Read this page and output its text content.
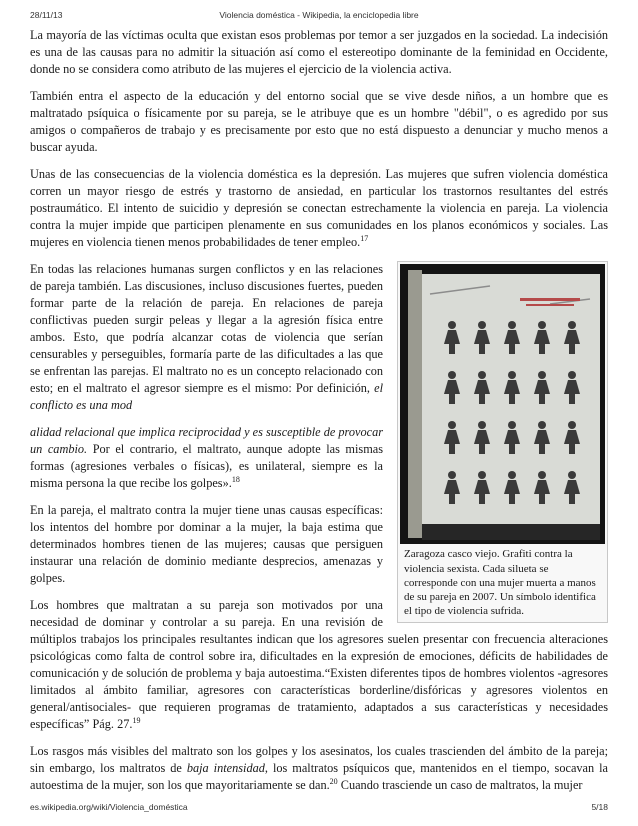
28/11/13	Violencia doméstica - Wikipedia, la enciclopedia libre

La mayoría de las víctimas oculta que existan esos problemas por temor a ser juzgados en la sociedad. La indecisión es una de las causas para no admitir la situación así como el estereotipo dominante de la feminidad en Occidente, donde no se considera como atributo de las mujeres el ejercicio de la violencia activa.

También entra el aspecto de la educación y del entorno social que se vive desde niños, a un hombre que es maltratado psíquica o físicamente por su pareja, se le atribuye que es un hombre "débil", o es agredido por sus amigos o compañeros de trabajo y es precisamente por esto que no está dispuesto a denunciar y mucho menos a buscar ayuda.

Unas de las consecuencias de la violencia doméstica es la depresión. Las mujeres que sufren violencia doméstica corren un mayor riesgo de estrés y trastorno de ansiedad, en particular los trastornos resultantes del estrés postraumático. El intento de suicidio y depresión se conectan estrechamente la violencia en pareja. La violencia contra la mujer impide que participen plenamente en sus comunidades en los planos económicos y sociales. Las mujeres en violencia tienen menos probabilidades de tener empleo.$^{17}$

Zaragoza casco viejo. Grafiti contra la violencia sexista. Cada silueta se corresponde con una mujer muerta a manos de su pareja en 2007. Un símbolo identifica el tipo de violencia sufrida.

En todas las relaciones humanas surgen conflictos y en las relaciones de pareja también. Las discusiones, incluso discusiones fuertes, pueden formar parte de la relación de pareja. En relaciones de pareja conflictivas pueden surgir peleas y llegar a la agresión física entre ambos. Esto, que podría alcanzar cotas de violencia que serían censurables y perseguibles, formaría parte de las dificultades a las que se enfrentan las parejas. El maltrato no es un concepto relacionado con esto; en el maltrato el agresor siempre es el mismo: Por definición, el conflicto es una mod

alidad relacional que implica reciprocidad y es susceptible de provocar un cambio. Por el contrario, el maltrato, aunque adopte las mismas formas (agresiones verbales o físicas), es unilateral, siempre es la misma persona la que recibe los golpes».$^{18}$

En la pareja, el maltrato contra la mujer tiene unas causas específicas: los intentos del hombre por dominar a la mujer, la baja estima que determinados hombres tienen de las mujeres; causas que persiguen instaurar una relación de dominio mediante desprecios, amenazas y golpes.

Los hombres que maltratan a su pareja son motivados por una necesidad de dominar y controlar a su pareja. En una revisión de múltiplos trabajos los principales resultantes indican que los agresores suelen presentar con frecuencia alteraciones psicológicas como falta de control sobre ira, dificultades en la expresión de emociones, déficits de habilidades de comunicación y de solución de problema y baja autoestima.“Existen diferentes tipos de hombres violentos -agresores limitados al ámbito familiar, agresores con características borderline/disfóricas y agresores violentos en general/antisociales- que requieren programas de tratamiento, adaptados a sus características y necesidades específicas” Pág. 27.19

Los rasgos más visibles del maltrato son los golpes y los asesinatos, los cuales trascienden del ámbito de la pareja; sin embargo, los maltratos de baja intensidad, los maltratos psíquicos que, mantenidos en el tiempo, socavan la autoestima de la mujer, son los que mayoritariamente se dan.$^{20}$ Cuando trasciende un caso de maltratos, la mujer

es.wikipedia.org/wiki/Violencia_doméstica	5/18
